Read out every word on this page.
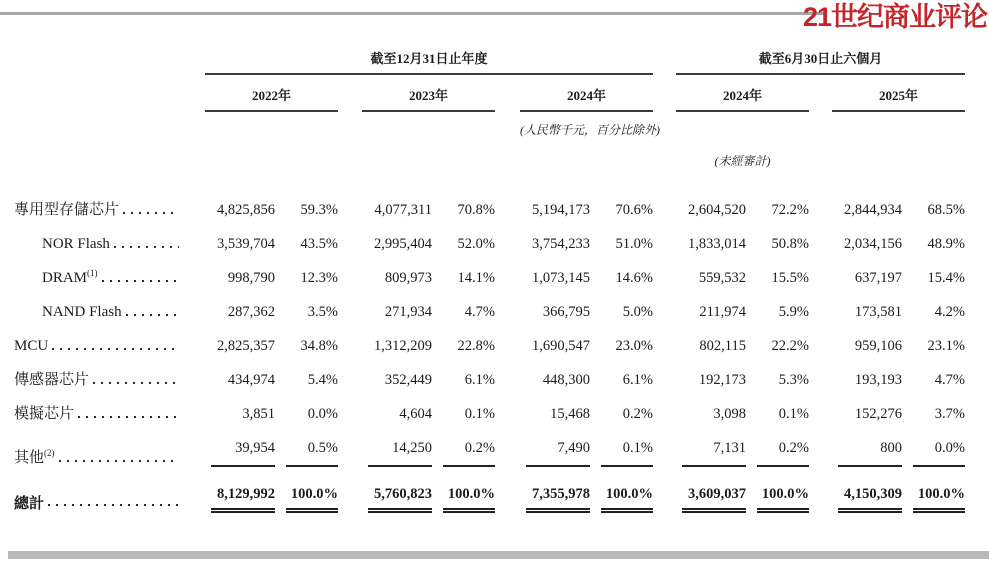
21世纪商业评论
	截至12月31日止年度									截至6月30日止六個月				
	2022年			2023年			2024年			2024年			2025年	
							(人民幣千元，百分比除外)							
										(未經審計)				

專用型存儲芯片	4,825,856	59.3%		4,077,311	70.8%		5,194,173	70.6%		2,604,520	72.2%		2,844,934	68.5%

NOR Flash	3,539,704	43.5%		2,995,404	52.0%		3,754,233	51.0%		1,833,014	50.8%		2,034,156	48.9%

DRAM$^{(1)}$	998,790	12.3%		809,973	14.1%		1,073,145	14.6%		559,532	15.5%		637,197	15.4%

NAND Flash	287,362	3.5%		271,934	4.7%		366,795	5.0%		211,974	5.9%		173,581	4.2%

MCU	2,825,357	34.8%		1,312,209	22.8%		1,690,547	23.0%		802,115	22.2%		959,106	23.1%

傳感器芯片	434,974	5.4%		352,449	6.1%		448,300	6.1%		192,173	5.3%		193,193	4.7%

模擬芯片	3,851	0.0%		4,604	0.1%		15,468	0.2%		3,098	0.1%		152,276	3.7%

其他$^{(2)}$	39,954	0.5%		14,250	0.2%		7,490	0.1%		7,131	0.2%		800	0.0%

總計	8,129,992	100.0%		5,760,823	100.0%		7,355,978	100.0%		3,609,037	100.0%		4,150,309	100.0%
